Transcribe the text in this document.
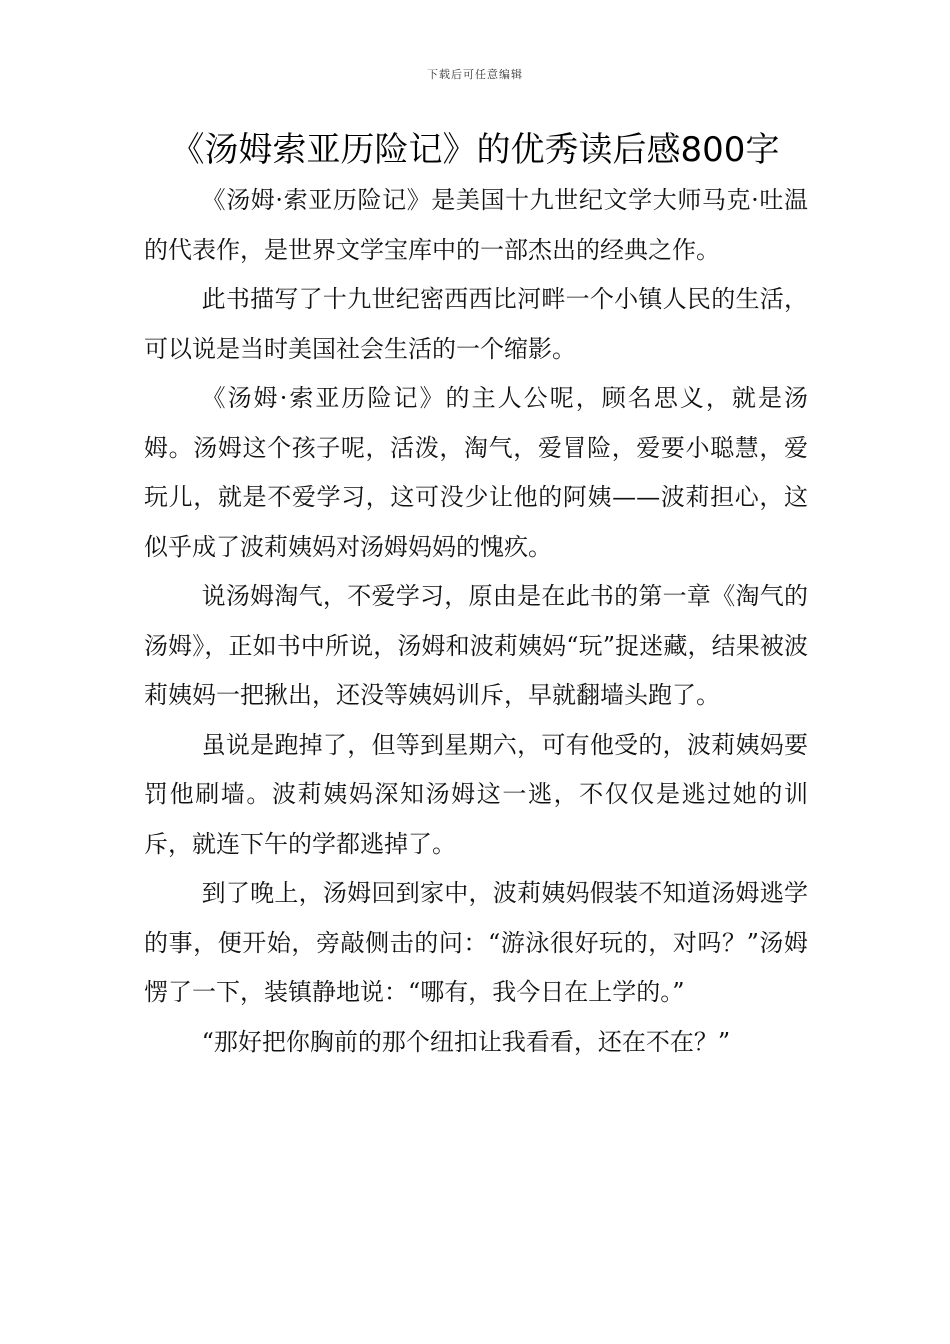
下载后可任意编辑
《汤姆索亚历险记》的优秀读后感800字

《汤姆·索亚历险记》是美国十九世纪文学大师马克·吐温的代表作，是世界文学宝库中的一部杰出的经典之作。

此书描写了十九世纪密西西比河畔一个小镇人民的生活，可以说是当时美国社会生活的一个缩影。

《汤姆·索亚历险记》的主人公呢，顾名思义，就是汤姆。汤姆这个孩子呢，活泼，淘气，爱冒险，爱要小聪慧，爱玩儿，就是不爱学习，这可没少让他的阿姨——波莉担心，这似乎成了波莉姨妈对汤姆妈妈的愧疚。

说汤姆淘气，不爱学习，原由是在此书的第一章《淘气的汤姆》，正如书中所说，汤姆和波莉姨妈“玩”捉迷藏，结果被波莉姨妈一把揪出，还没等姨妈训斥，早就翻墙头跑了。

虽说是跑掉了，但等到星期六，可有他受的，波莉姨妈要罚他刷墙。波莉姨妈深知汤姆这一逃，不仅仅是逃过她的训斥，就连下午的学都逃掉了。

到了晚上，汤姆回到家中，波莉姨妈假装不知道汤姆逃学的事，便开始，旁敲侧击的问：“游泳很好玩的，对吗？”汤姆愣了一下，装镇静地说：“哪有，我今日在上学的。”

“那好把你胸前的那个纽扣让我看看，还在不在？”
